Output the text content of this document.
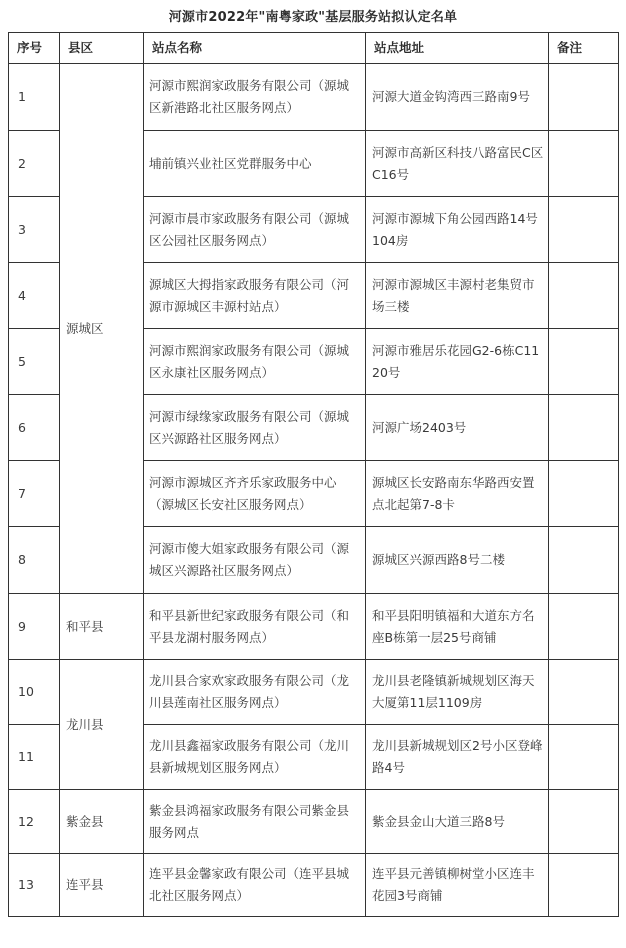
河源市2022年"南粤家政"基层服务站拟认定名单
序号	县区	站点名称	站点地址	备注
1	源城区	河源市熙润家政服务有限公司（源城区新港路北社区服务网点）	河源大道金钩湾西三路南9号	
2		埔前镇兴业社区党群服务中心	河源市高新区科技八路富民C区C16号	
3		河源市晨市家政服务有限公司（源城区公园社区服务网点）	河源市源城下角公园西路14号104房	
4		源城区大拇指家政服务有限公司（河源市源城区丰源村站点）	河源市源城区丰源村老集贸市场三楼	
5		河源市熙润家政服务有限公司（源城区永康社区服务网点）	河源市雅居乐花园G2-6栋C1120号	
6		河源市绿缘家政服务有限公司（源城区兴源路社区服务网点）	河源广场2403号	
7		河源市源城区齐齐乐家政服务中心（源城区长安社区服务网点）	源城区长安路南东华路西安置点北起第7-8卡	
8		河源市傻大姐家政服务有限公司（源城区兴源路社区服务网点）	源城区兴源西路8号二楼	
9	和平县	和平县新世纪家政服务有限公司（和平县龙湖村服务网点）	和平县阳明镇福和大道东方名座B栋第一层25号商铺	
10	龙川县	龙川县合家欢家政服务有限公司（龙川县莲南社区服务网点）	龙川县老隆镇新城规划区海天大厦第11层1109房	
11		龙川县鑫福家政服务有限公司（龙川县新城规划区服务网点）	龙川县新城规划区2号小区登峰路4号	
12	紫金县	紫金县鸿福家政服务有限公司紫金县服务网点	紫金县金山大道三路8号	
13	连平县	连平县金馨家政有限公司（连平县城北社区服务网点）	连平县元善镇柳树堂小区连丰花园3号商铺	
